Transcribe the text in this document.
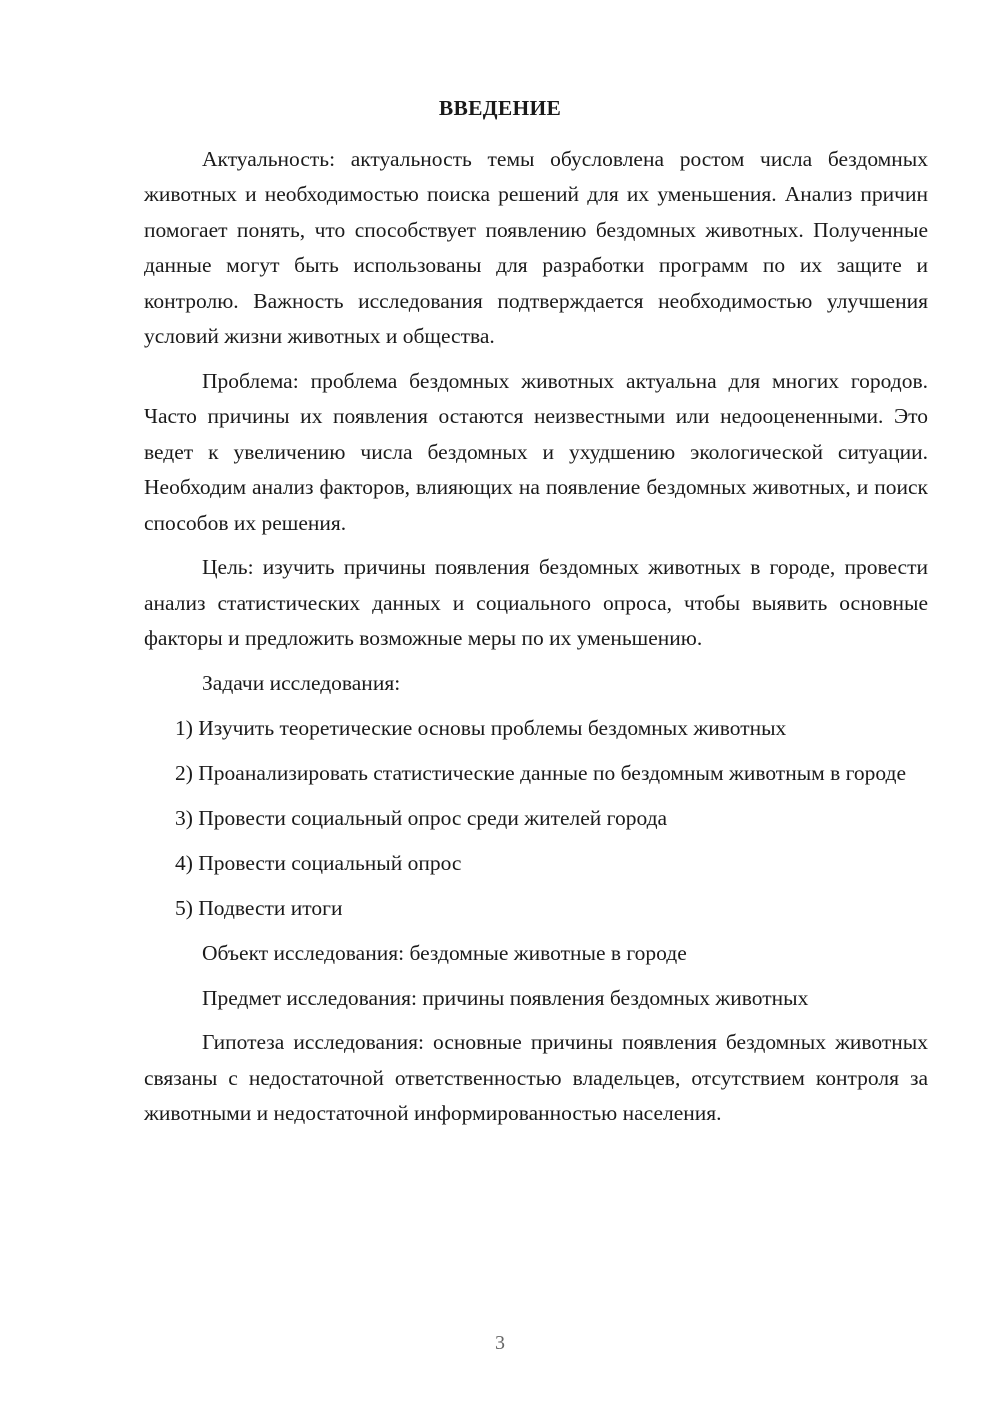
ВВЕДЕНИЕ

Актуальность: актуальность темы обусловлена ростом числа бездомных животных и необходимостью поиска решений для их уменьшения. Анализ причин помогает понять, что способствует появлению бездомных животных. Полученные данные могут быть использованы для разработки программ по их защите и контролю. Важность исследования подтверждается необходимостью улучшения условий жизни животных и общества.

Проблема: проблема бездомных животных актуальна для многих городов. Часто причины их появления остаются неизвестными или недооцененными. Это ведет к увеличению числа бездомных и ухудшению экологической ситуации. Необходим анализ факторов, влияющих на появление бездомных животных, и поиск способов их решения.

Цель: изучить причины появления бездомных животных в городе, провести анализ статистических данных и социального опроса, чтобы выявить основные факторы и предложить возможные меры по их уменьшению.

Задачи исследования:

1) Изучить теоретические основы проблемы бездомных животных

2) Проанализировать статистические данные по бездомным животным в городе

3) Провести социальный опрос среди жителей города

4) Провести социальный опрос

5) Подвести итоги

Объект исследования: бездомные животные в городе

Предмет исследования: причины появления бездомных животных

Гипотеза исследования: основные причины появления бездомных животных связаны с недостаточной ответственностью владельцев, отсутствием контроля за животными и недостаточной информированностью населения.

3
